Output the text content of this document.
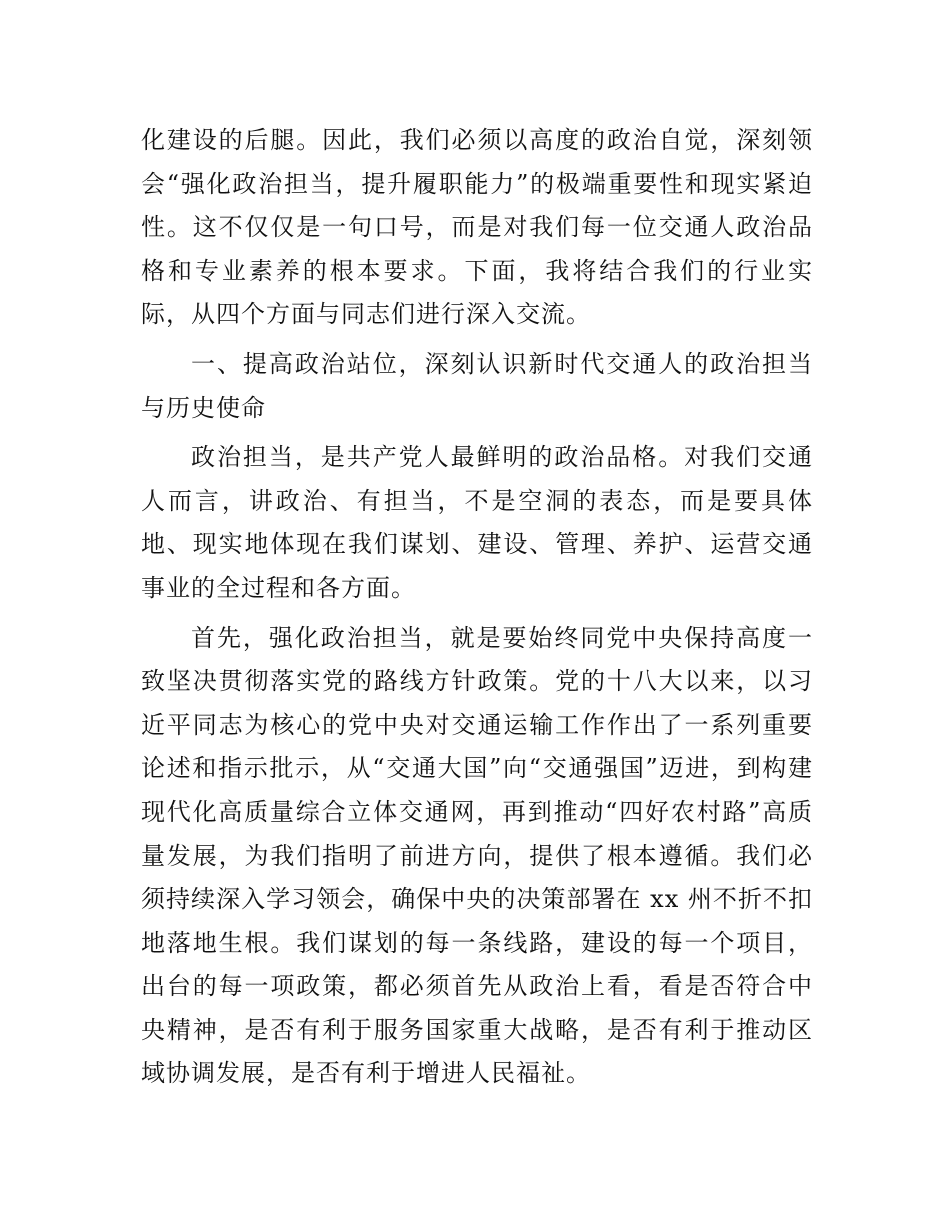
化建设的后腿。因此，我们必须以高度的政治自觉，深刻领会“强化政治担当，提升履职能力”的极端重要性和现实紧迫性。这不仅仅是一句口号，而是对我们每一位交通人政治品格和专业素养的根本要求。下面，我将结合我们的行业实际，从四个方面与同志们进行深入交流。

一、提高政治站位，深刻认识新时代交通人的政治担当与历史使命

政治担当，是共产党人最鲜明的政治品格。对我们交通人而言，讲政治、有担当，不是空洞的表态，而是要具体地、现实地体现在我们谋划、建设、管理、养护、运营交通事业的全过程和各方面。

首先，强化政治担当，就是要始终同党中央保持高度一致坚决贯彻落实党的路线方针政策。党的十八大以来，以习近平同志为核心的党中央对交通运输工作作出了一系列重要论述和指示批示，从“交通大国”向“交通强国”迈进，到构建现代化高质量综合立体交通网，再到推动“四好农村路”高质量发展，为我们指明了前进方向，提供了根本遵循。我们必须持续深入学习领会，确保中央的决策部署在 xx 州不折不扣地落地生根。我们谋划的每一条线路，建设的每一个项目，出台的每一项政策，都必须首先从政治上看，看是否符合中央精神，是否有利于服务国家重大战略，是否有利于推动区域协调发展，是否有利于增进人民福祉。
